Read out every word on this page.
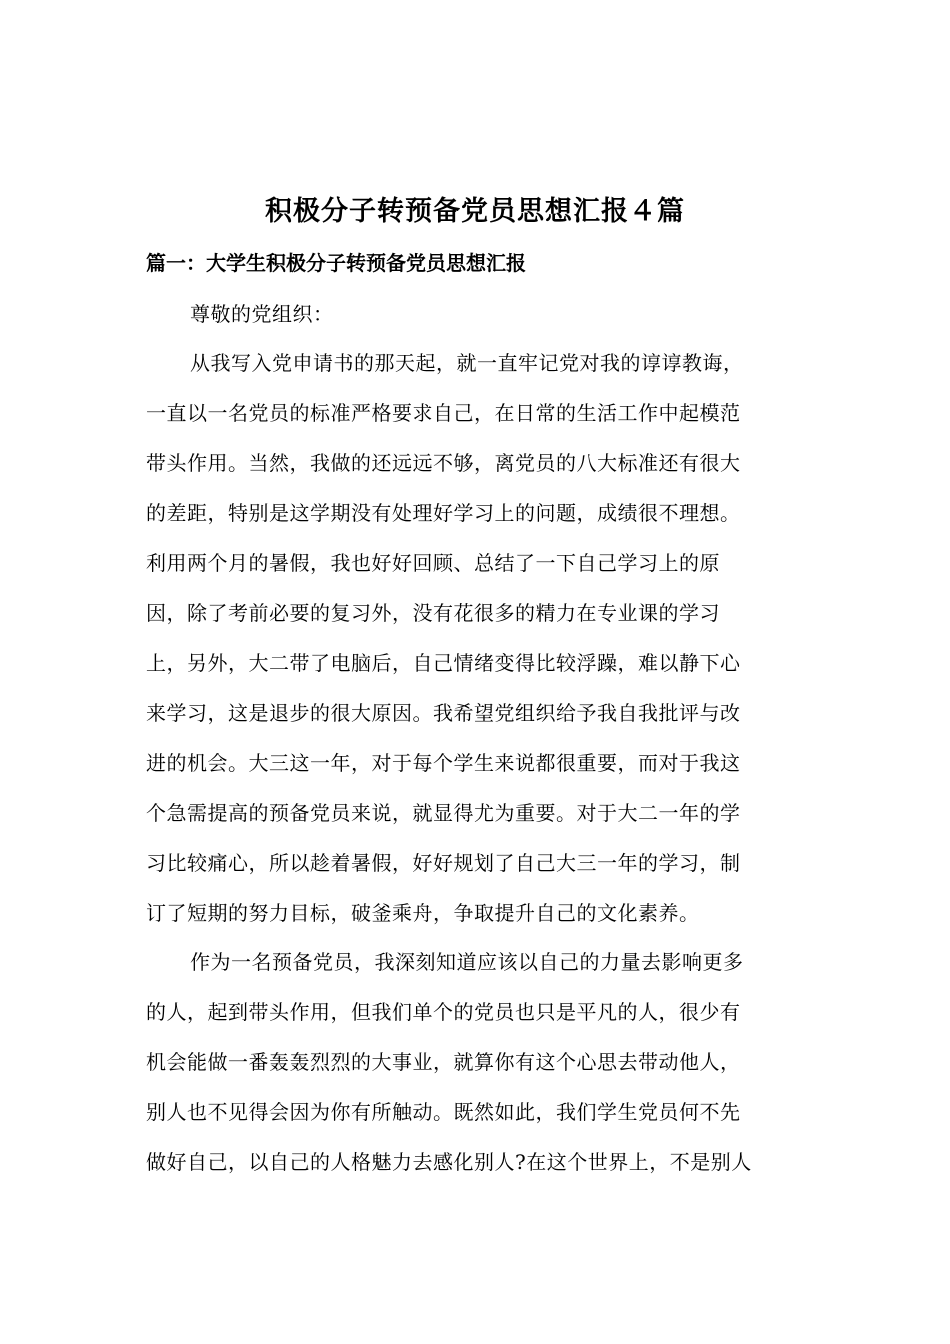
积极分子转预备党员思想汇报４篇
篇一：大学生积极分子转预备党员思想汇报
尊敬的党组织：
从我写入党申请书的那天起，就一直牢记党对我的谆谆教诲，
一直以一名党员的标准严格要求自己，在日常的生活工作中起模范
带头作用。当然，我做的还远远不够，离党员的八大标准还有很大
的差距，特别是这学期没有处理好学习上的问题，成绩很不理想。
利用两个月的暑假，我也好好回顾、总结了一下自己学习上的原
因，除了考前必要的复习外，没有花很多的精力在专业课的学习
上，另外，大二带了电脑后，自己情绪变得比较浮躁，难以静下心
来学习，这是退步的很大原因。我希望党组织给予我自我批评与改
进的机会。大三这一年，对于每个学生来说都很重要，而对于我这
个急需提高的预备党员来说，就显得尤为重要。对于大二一年的学
习比较痛心，所以趁着暑假，好好规划了自己大三一年的学习，制
订了短期的努力目标，破釜乘舟，争取提升自己的文化素养。
作为一名预备党员，我深刻知道应该以自己的力量去影响更多
的人，起到带头作用，但我们单个的党员也只是平凡的人，很少有
机会能做一番轰轰烈烈的大事业，就算你有这个心思去带动他人，
别人也不见得会因为你有所触动。既然如此，我们学生党员何不先
做好自己，以自己的人格魅力去感化别人?在这个世界上，不是别人
